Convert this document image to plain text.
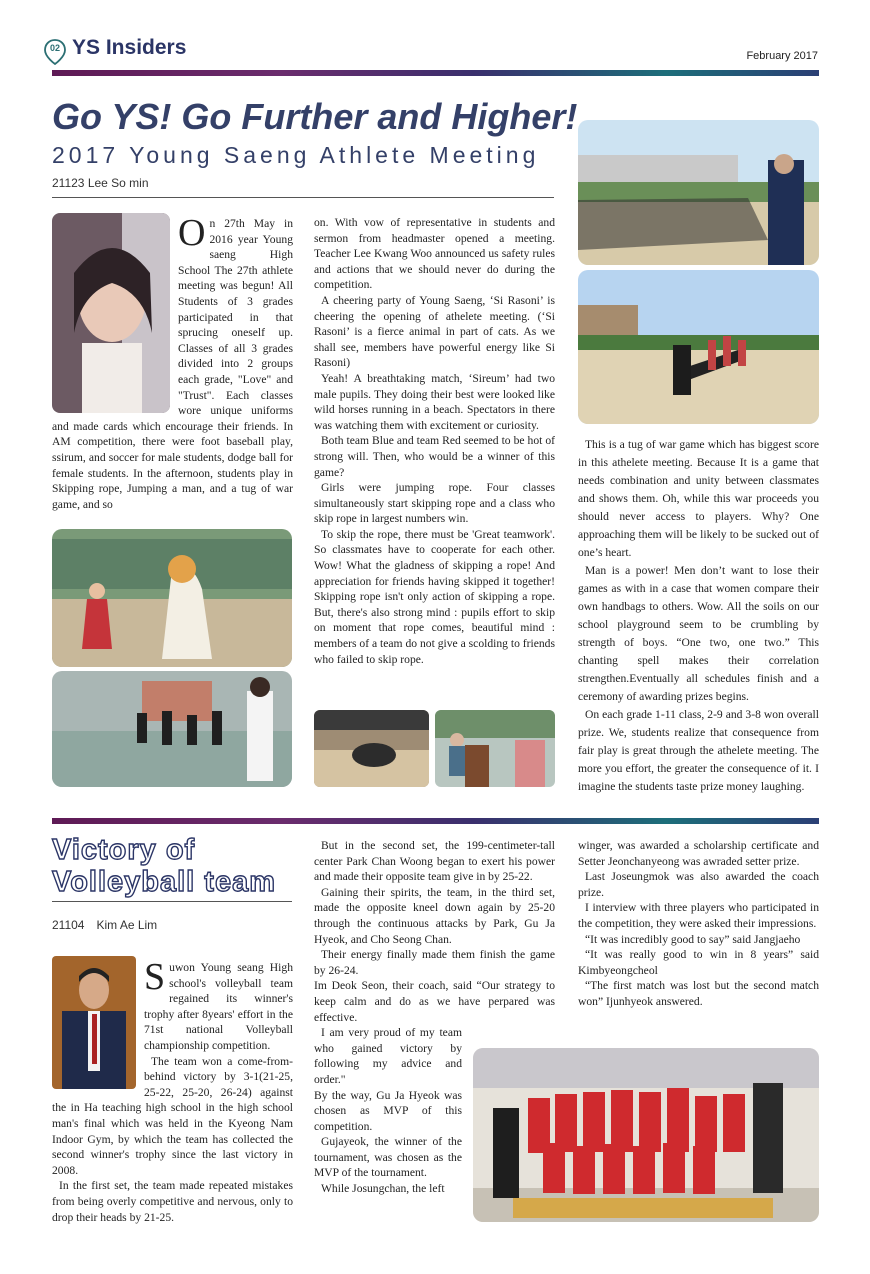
02 YS Insiders	February 2017
Go YS! Go Further and Higher!
2017 Young Saeng Athlete Meeting
21123 Lee So min
On 27th May in 2016 year Young saeng High School The 27th athlete meeting was begun! All Students of 3 grades participated in that sprucing oneself up. Classes of all 3 grades divided into 2 groups each grade, "Love" and "Trust". Each classes wore unique uniforms and made cards which encourage their friends. In AM competition, there were foot baseball play, ssirum, and soccer for male students, dodge ball for female students. In the afternoon, students play in Skipping rope, Jumping a man, and a tug of war game, and so

on. With vow of representative in students and sermon from headmaster opened a meeting. Teacher Lee Kwang Woo announced us safety rules and actions that we should never do during the competition.

A cheering party of Young Saeng, ‘Si Rasoni’ is cheering the opening of athelete meeting. (‘Si Rasoni’ is a fierce animal in part of cats. As we shall see, members have powerful energy like Si Rasoni)

Yeah! A breathtaking match, ‘Sireum’ had two male pupils. They doing their best were looked like wild horses running in a beach. Spectators in there was watching them with excitement or curiosity.

Both team Blue and team Red seemed to be hot of strong will. Then, who would be a winner of this game?

Girls were jumping rope. Four classes simultaneously start skipping rope and a class who skip rope in largest numbers win.

To skip the rope, there must be 'Great teamwork'. So classmates have to cooperate for each other. Wow! What the gladness of skipping a rope! And appreciation for friends having skipped it together! Skipping rope isn't only action of skipping a rope. But, there's also strong mind : pupils effort to skip on moment that rope comes, beautiful mind : members of a team do not give a scolding to friends who failed to skip rope.

This is a tug of war game which has biggest score in this athelete meeting. Because It is a game that needs combination and unity between classmates and shows them. Oh, while this war proceeds you should never access to players. Why? One approaching them will be likely to be sucked out of one’s heart.

Man is a power! Men don’t want to lose their games as with in a case that women compare their own handbags to others. Wow. All the soils on our school playground seem to be crumbling by strength of boys. “One two, one two.” This chanting spell makes their correlation strengthen.Eventually all schedules finish and a ceremony of awarding prizes begins.

On each grade 1-11 class, 2-9 and 3-8 won overall prize. We, students realize that consequence from fair play is great through the athelete meeting. The more you effort, the greater the consequence of it. I imagine the students taste prize money laughing.

Victory of
Volleyball team
21104 Kim Ae Lim
Suwon Young seang High school's volleyball team regained its winner's trophy after 8years' effort in the 71st national Volleyball championship competition.

The team won a come-from-behind victory by 3-1(21-25, 25-22, 25-20, 26-24) against the in Ha teaching high school in the high school man's final which was held in the Kyeong Nam Indoor Gym, by which the team has collected the second winner's trophy since the last victory in 2008.

In the first set, the team made repeated mistakes from being overly competitive and nervous, only to drop their heads by 21-25.

But in the second set, the 199-centimeter-tall center Park Chan Woong began to exert his power and made their opposite team give in by 25-22.

Gaining their spirits, the team, in the third set, made the opposite kneel down again by 25-20 through the continuous attacks by Park, Gu Ja Hyeok, and Cho Seong Chan.

Their energy finally made them finish the game by 26-24.

Im Deok Seon, their coach, said “Our strategy to keep calm and do as we have perpared was effective.

I am very proud of my team who gained victory by following my advice and order."

By the way, Gu Ja Hyeok was chosen as MVP of this competition.

Gujayeok, the winner of the tournament, was chosen as the MVP of the tournament.

While Josungchan, the left

winger, was awarded a scholarship certificate and Setter Jeonchanyeong was awraded setter prize.

Last Joseungmok was also awarded the coach prize.

I interview with three players who participated in the competition, they were asked their impressions.

“It was incredibly good to say” said Jangjaeho

“It was really good to win in 8 years” said Kimbyeongcheol

“The first match was lost but the second match won” Ijunhyeok answered.
